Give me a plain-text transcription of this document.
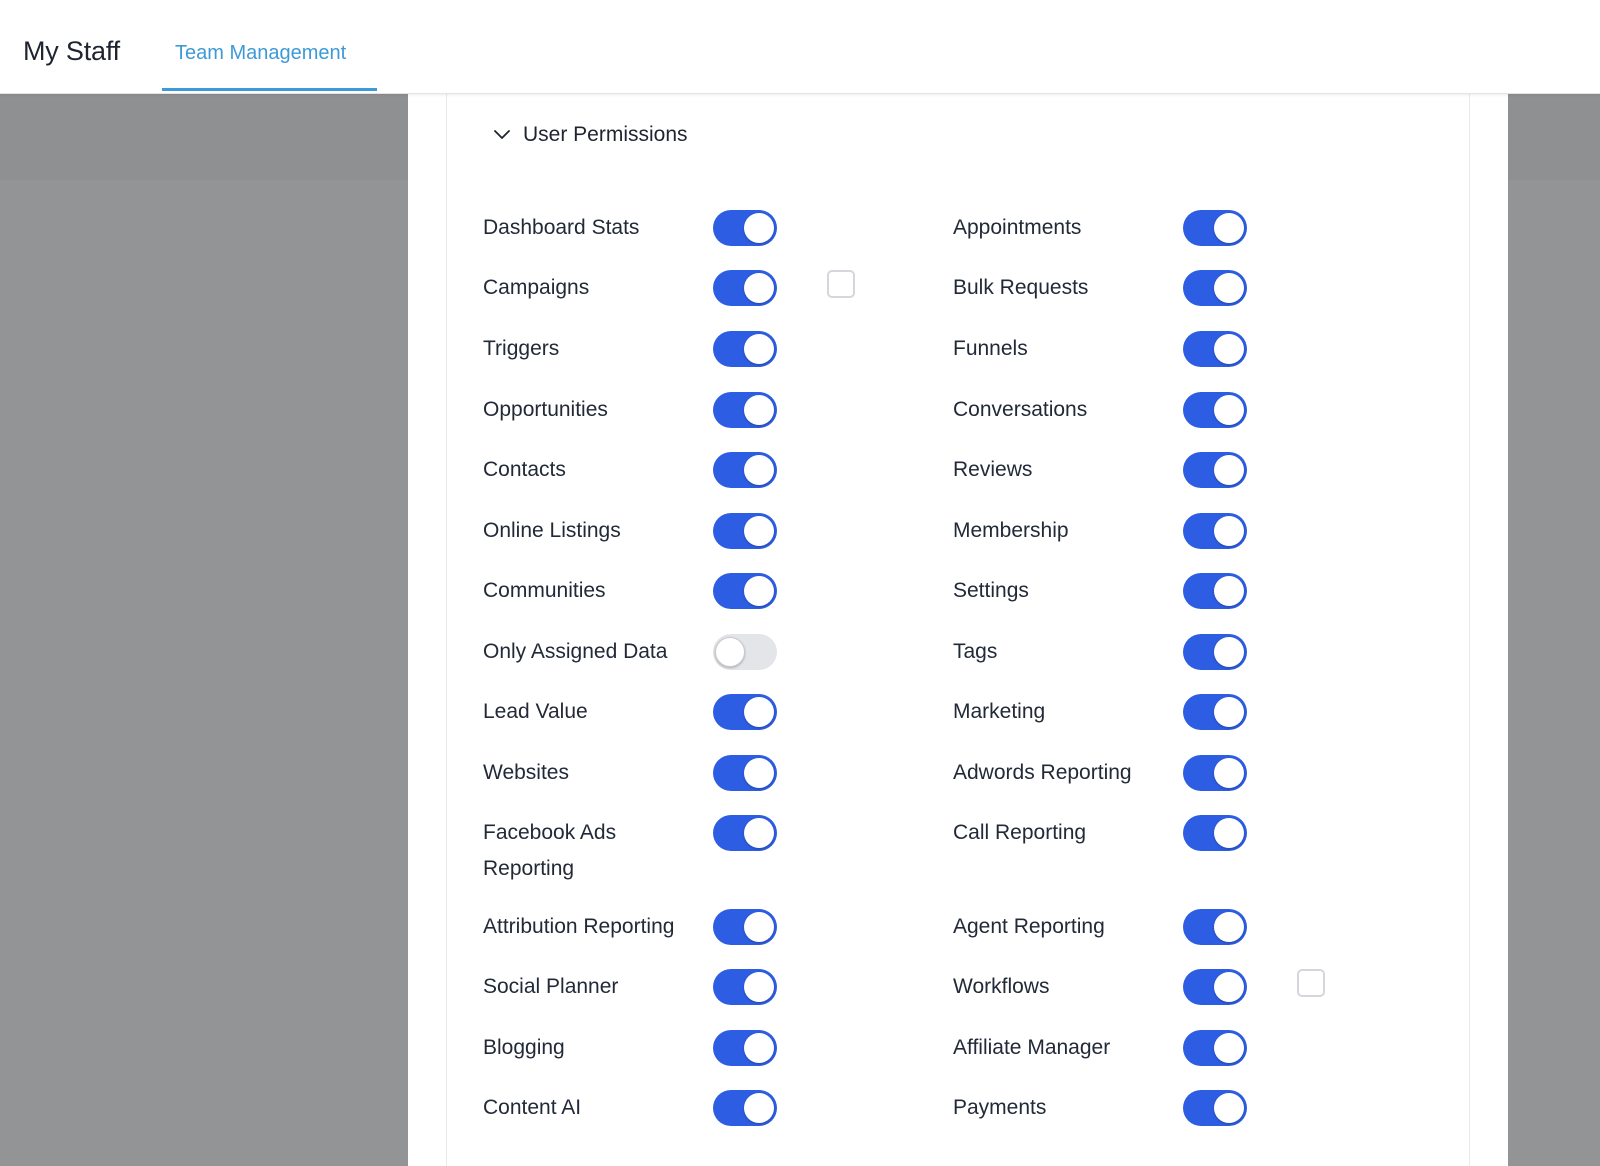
My Staff	Team Management
User Permissions
Dashboard Stats
Campaigns
Triggers
Opportunities
Contacts
Online Listings
Communities
Only Assigned Data
Lead Value
Websites
Facebook Ads Reporting
Attribution Reporting
Social Planner
Blogging
Content AI
Appointments
Bulk Requests
Funnels
Conversations
Reviews
Membership
Settings
Tags
Marketing
Adwords Reporting
Call Reporting
Agent Reporting
Workflows
Affiliate Manager
Payments
